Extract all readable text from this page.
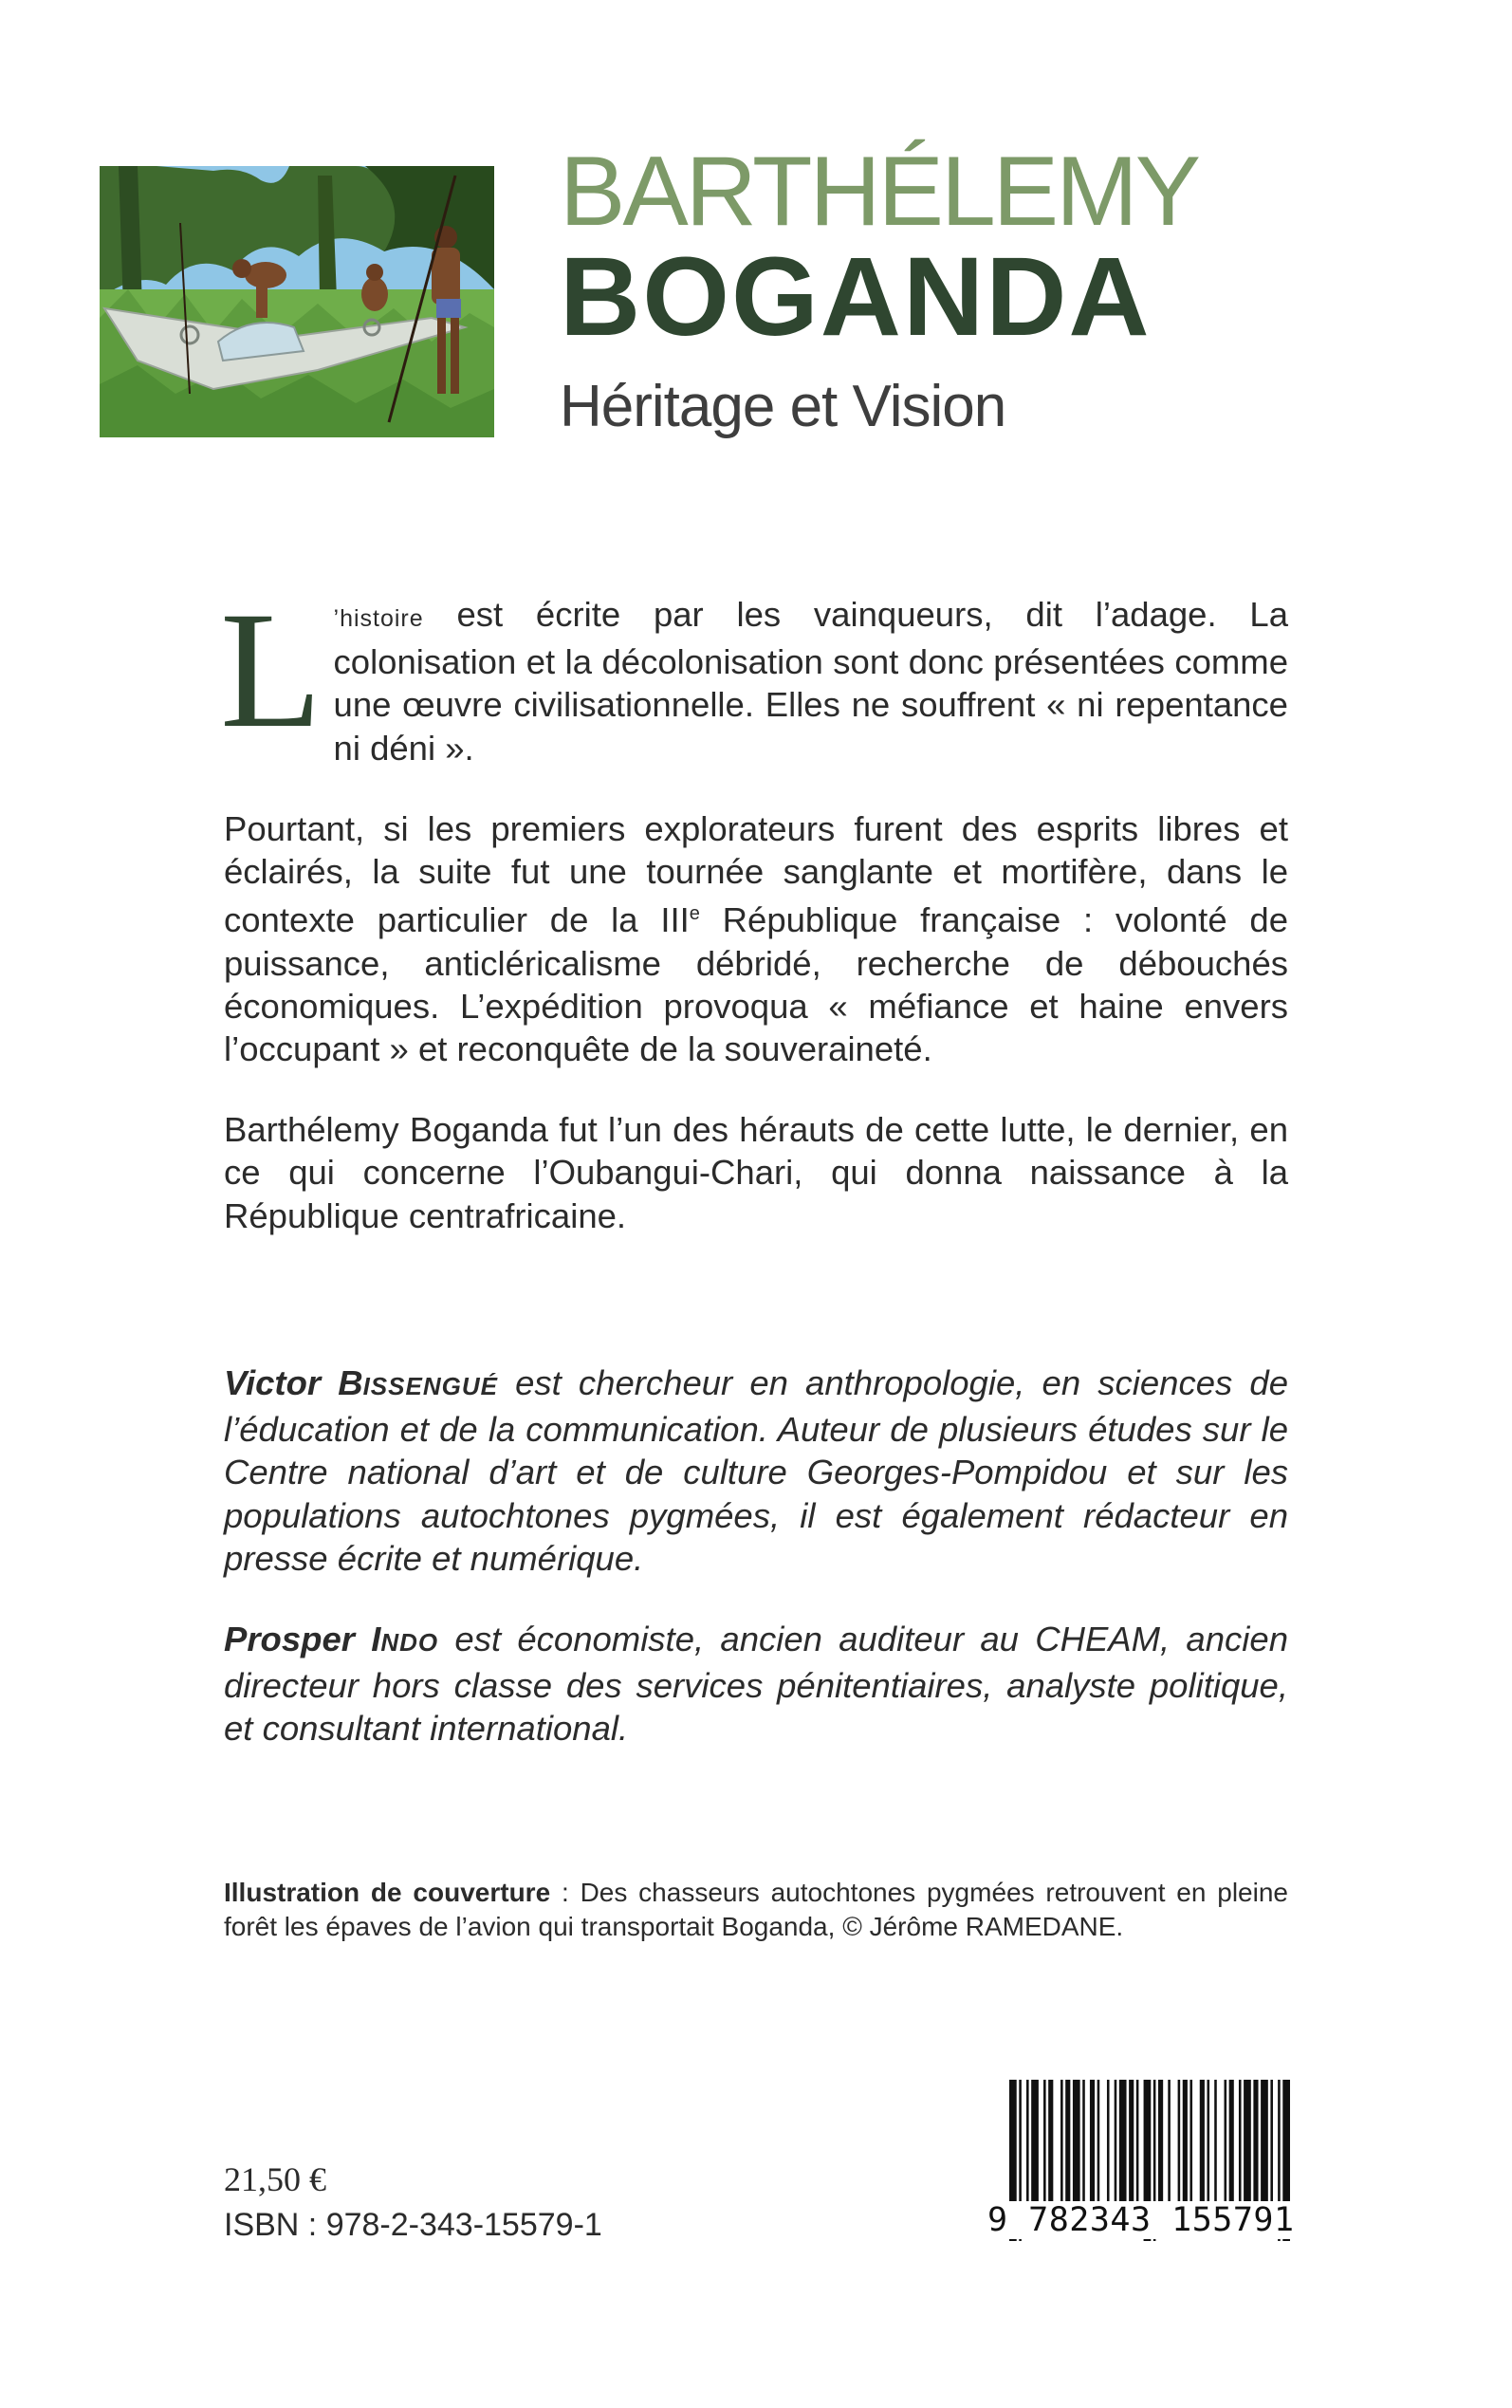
BARTHÉLEMY
BOGANDA
Héritage et Vision

L ’histoire est écrite par les vainqueurs, dit l’adage. La colonisation et la décolonisation sont donc présentées comme une œuvre civilisationnelle. Elles ne souffrent « ni repentance ni déni ».

Pourtant, si les premiers explorateurs furent des esprits libres et éclairés, la suite fut une tournée sanglante et mortifère, dans le contexte particulier de la IIIe République française : volonté de puissance, anticléricalisme débridé, recherche de débouchés économiques. L’expédition provoqua « méfiance et haine envers l’occupant » et reconquête de la souveraineté.

Barthélemy Boganda fut l’un des hérauts de cette lutte, le dernier, en ce qui concerne l’Oubangui-Chari, qui donna naissance à la République centrafricaine.

Victor BISSENGUÉ est chercheur en anthropologie, en sciences de l’éducation et de la communication. Auteur de plusieurs études sur le Centre national d’art et de culture Georges-Pompidou et sur les populations autochtones pygmées, il est également rédacteur en presse écrite et numérique.

Prosper INDO est économiste, ancien auditeur au CHEAM, ancien directeur hors classe des services pénitentiaires, analyste politique, et consultant international.

Illustration de couverture : Des chasseurs autochtones pygmées retrouvent en pleine forêt les épaves de l’avion qui transportait Boganda, © Jérôme RAMEDANE.
21,50 €
ISBN : 978-2-343-15579-1	9 782343 155791
